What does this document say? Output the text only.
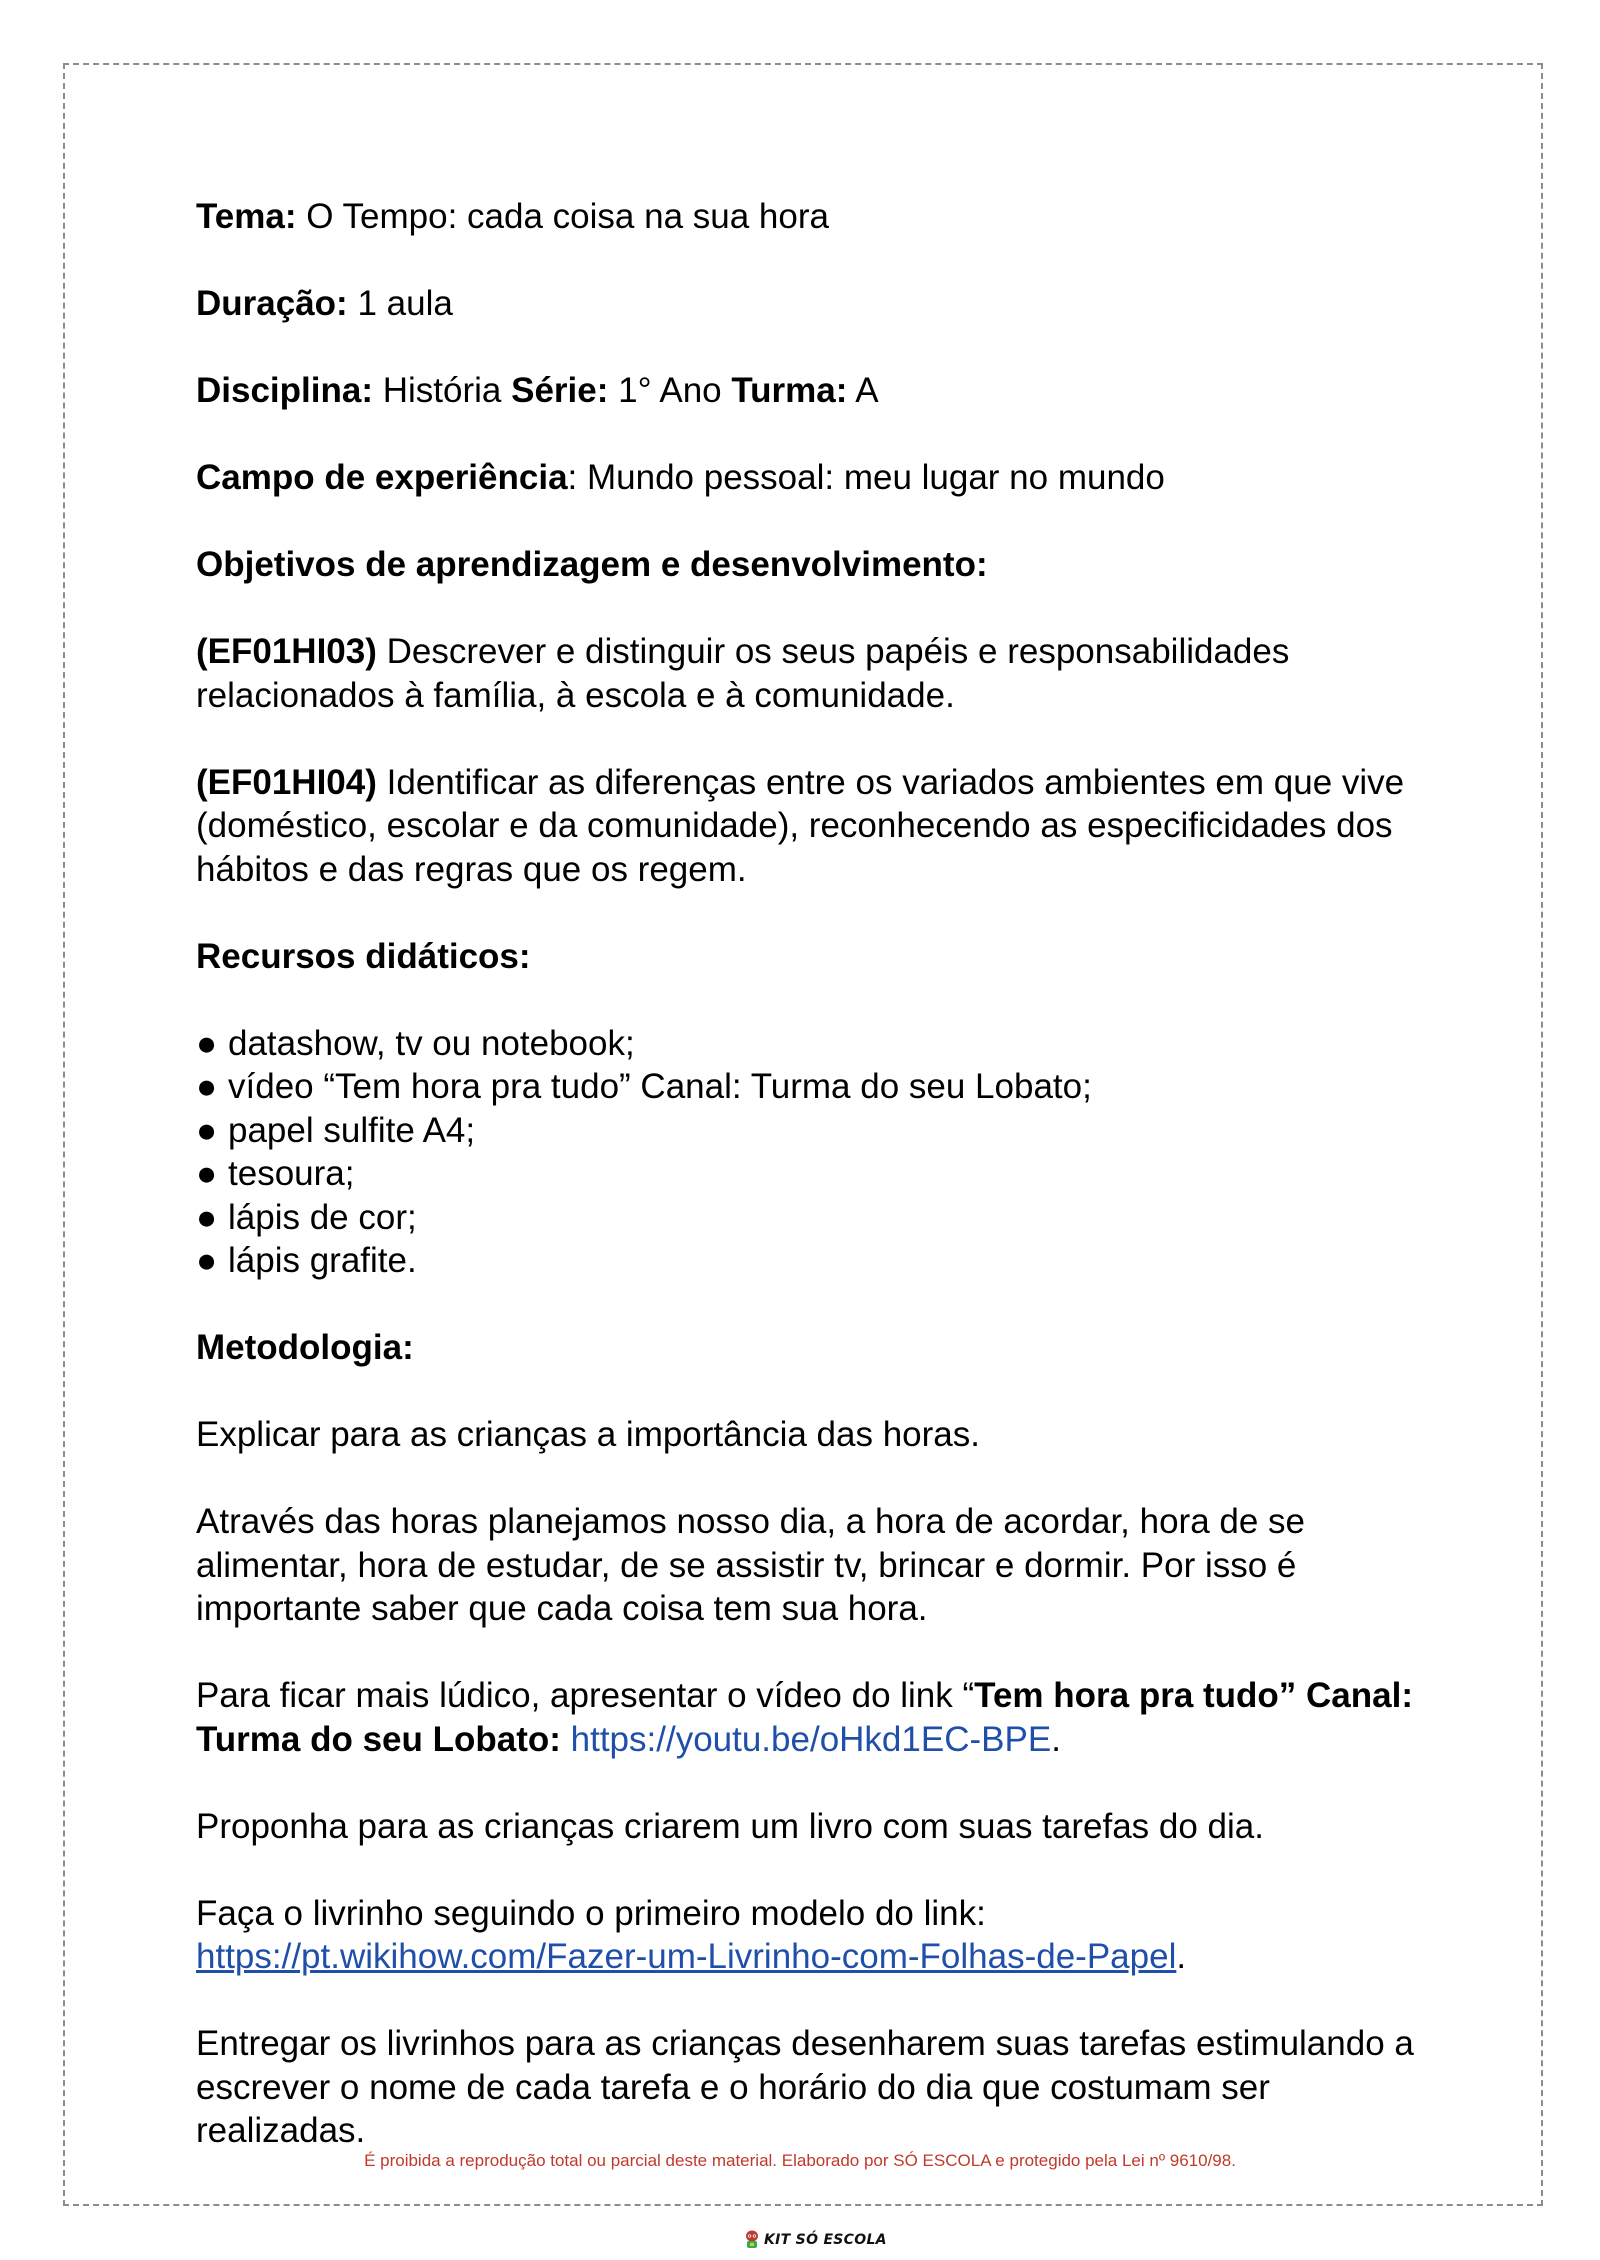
Tema: O Tempo: cada coisa na sua hora

Duração: 1 aula

Disciplina: História Série: 1° Ano Turma: A

Campo de experiência: Mundo pessoal: meu lugar no mundo

Objetivos de aprendizagem e desenvolvimento:

(EF01HI03) Descrever e distinguir os seus papéis e responsabilidades relacionados à família, à escola e à comunidade.

(EF01HI04) Identificar as diferenças entre os variados ambientes em que vive (doméstico, escolar e da comunidade), reconhecendo as especificidades dos hábitos e das regras que os regem.

Recursos didáticos:

● datashow, tv ou notebook;
● vídeo “Tem hora pra tudo” Canal: Turma do seu Lobato;
● papel sulfite A4;
● tesoura;
● lápis de cor;
● lápis grafite.

Metodologia:

Explicar para as crianças a importância das horas.

Através das horas planejamos nosso dia, a hora de acordar, hora de se alimentar, hora de estudar, de se assistir tv, brincar e dormir. Por isso é importante saber que cada coisa tem sua hora.

Para ficar mais lúdico, apresentar o vídeo do link “Tem hora pra tudo” Canal: Turma do seu Lobato: https://youtu.be/oHkd1EC-BPE.

Proponha para as crianças criarem um livro com suas tarefas do dia.

Faça o livrinho seguindo o primeiro modelo do link:
https://pt.wikihow.com/Fazer-um-Livrinho-com-Folhas-de-Papel.

Entregar os livrinhos para as crianças desenharem suas tarefas estimulando a escrever o nome de cada tarefa e o horário do dia que costumam ser realizadas.

É proibida a reprodução total ou parcial deste material. Elaborado por SÓ ESCOLA e protegido pela Lei nº 9610/98.
KIT SÓ ESCOLA
